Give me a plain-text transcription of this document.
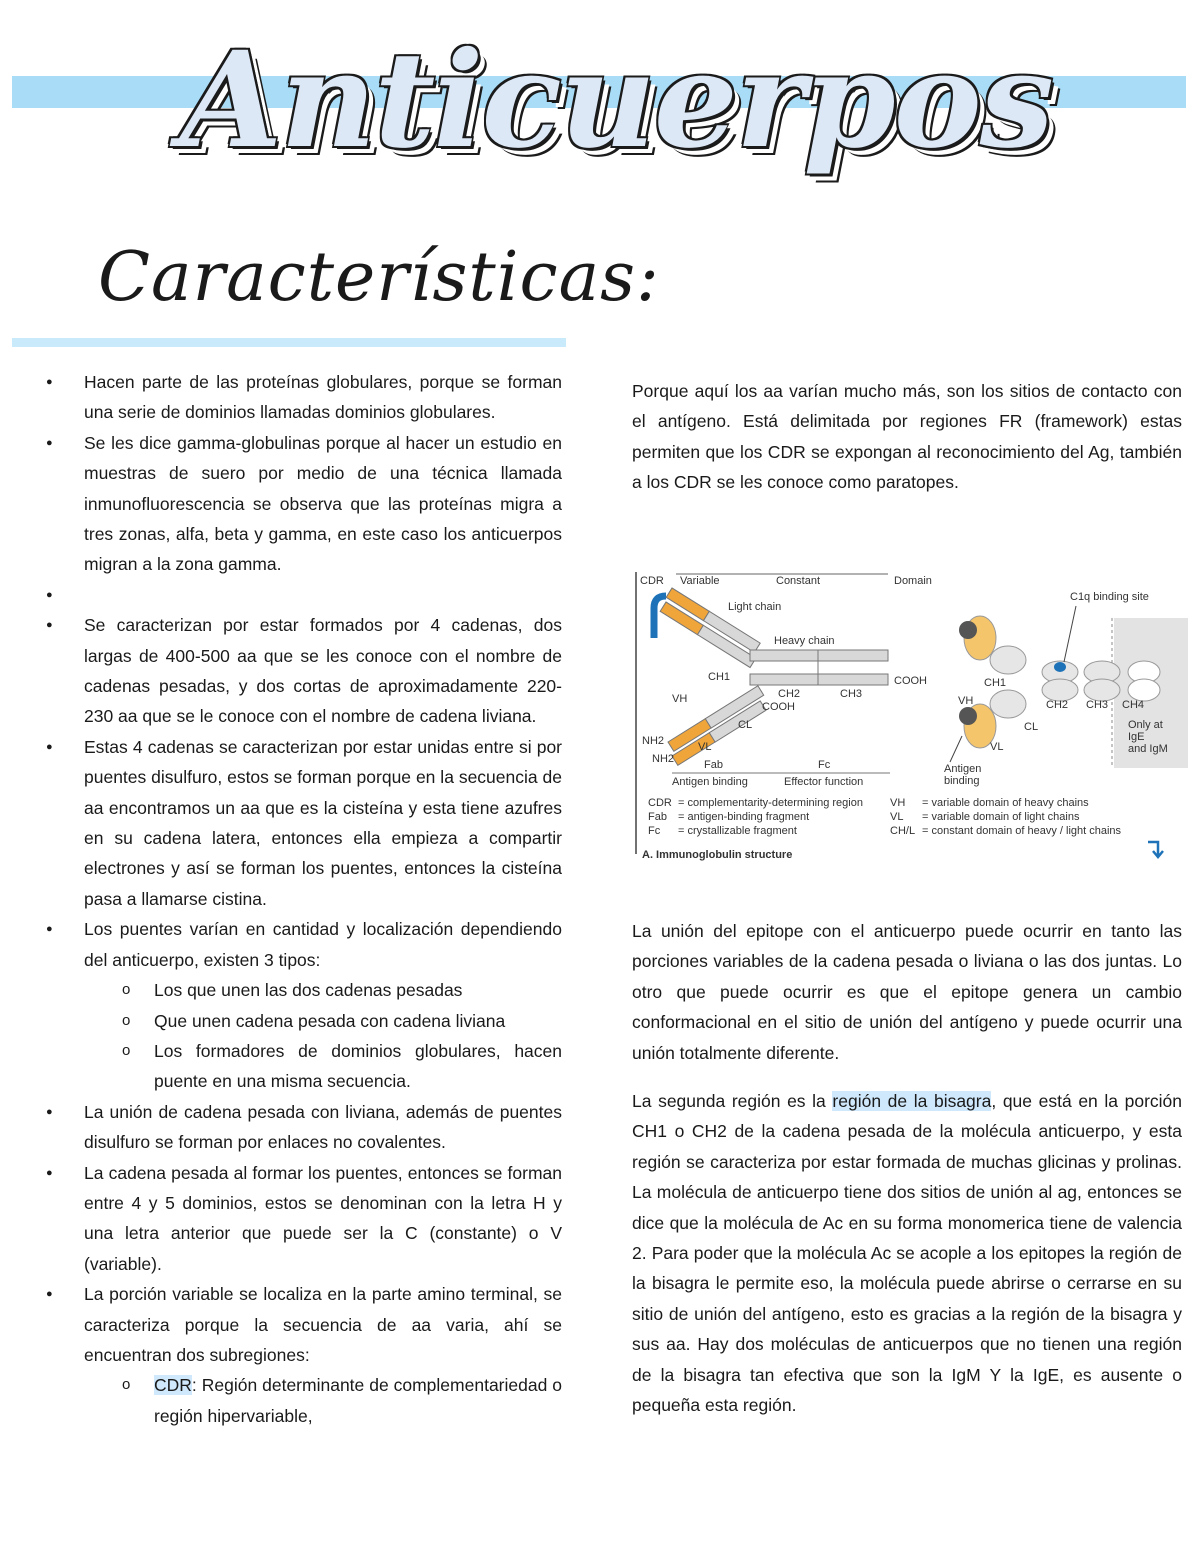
Anticuerpos
Características:
● Hacen parte de las proteínas globulares, porque se forman una serie de dominios llamadas dominios globulares.
● Se les dice gamma-globulinas porque al hacer un estudio en muestras de suero por medio de una técnica llamada inmunofluorescencia se observa que las proteínas migra a tres zonas, alfa, beta y gamma, en este caso los anticuerpos migran a la zona gamma.
●
● Se caracterizan por estar formados por 4 cadenas, dos largas de 400-500 aa que se les conoce con el nombre de cadenas pesadas, y dos cortas de aproximadamente 220-230 aa que se le conoce con el nombre de cadena liviana.
● Estas 4 cadenas se caracterizan por estar unidas entre si por puentes disulfuro, estos se forman porque en la secuencia de aa encontramos un aa que es la cisteína y esta tiene azufres en su cadena latera, entonces ella empieza a compartir electrones y así se forman los puentes, entonces la cisteína pasa a llamarse cistina.
● Los puentes varían en cantidad y localización dependiendo del anticuerpo, existen 3 tipos:
o Los que unen las dos cadenas pesadas
o Que unen cadena pesada con cadena liviana
o Los formadores de dominios globulares, hacen puente en una misma secuencia.
● La unión de cadena pesada con liviana, además de puentes disulfuro se forman por enlaces no covalentes.
● La cadena pesada al formar los puentes, entonces se forman entre 4 y 5 dominios, estos se denominan con la letra H y una letra anterior que puede ser la C (constante) o V (variable).
● La porción variable se localiza en la parte amino terminal, se caracteriza porque la secuencia de aa varia, ahí se encuentran dos subregiones:
o CDR: Región determinante de complementariedad o región hipervariable,

Porque aquí los aa varían mucho más, son los sitios de contacto con el antígeno. Está delimitada por regiones FR (framework) estas permiten que los CDR se expongan al reconocimiento del Ag, también a los CDR se les conoce como paratopes.

CDR Variable	Constant	Domain
Light chain
Heavy chain
COOH
CH2	CH3
CH1
VH
COOH
CL
NH2	VL
NH2	Fab	Fc
Antigen binding	Effector function
C1q binding site
CH1
CH2 CH3 CH4
VH
CL
VL
Only at
IgE
and IgM
Antigen
binding
CDR = complementarity-determining region
Fab = antigen-binding fragment
Fc = crystallizable fragment
VH = variable domain of heavy chains
VL = variable domain of light chains
CH/L = constant domain of heavy / light chains
A. Immunoglobulin structure

La unión del epitope con el anticuerpo puede ocurrir en tanto las porciones variables de la cadena pesada o liviana o las dos juntas. Lo otro que puede ocurrir es que el epitope genera un cambio conformacional en el sitio de unión del antígeno y puede ocurrir una unión totalmente diferente.

La segunda región es la región de la bisagra, que está en la porción CH1 o CH2 de la cadena pesada de la molécula anticuerpo, y esta región se caracteriza por estar formada de muchas glicinas y prolinas. La molécula de anticuerpo tiene dos sitios de unión al ag, entonces se dice que la molécula de Ac en su forma monomerica tiene de valencia 2. Para poder que la molécula Ac se acople a los epitopes la región de la bisagra le permite eso, la molécula puede abrirse o cerrarse en su sitio de unión del antígeno, esto es gracias a la región de la bisagra y sus aa. Hay dos moléculas de anticuerpos que no tienen una región de la bisagra tan efectiva que son la IgM Y la IgE, es ausente o pequeña esta región.
